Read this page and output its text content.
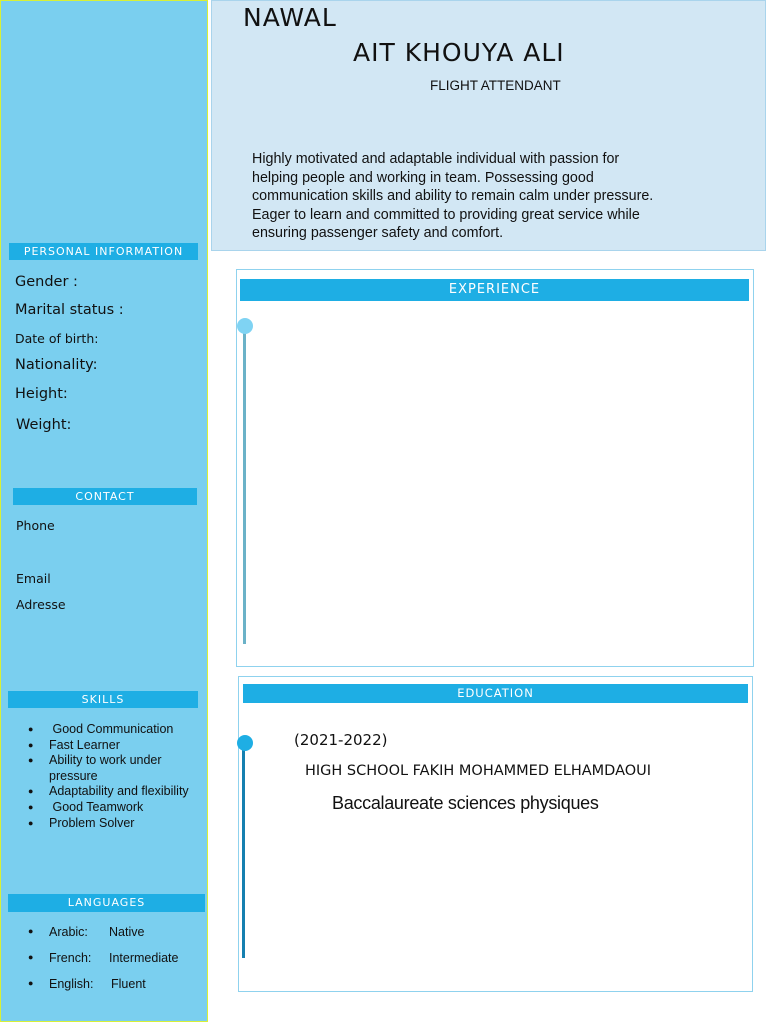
PERSONAL INFORMATION
Gender :
Marital status :
Date of birth:
Nationality:
Height:
Weight:
CONTACT
Phone
Email
Adresse
SKILLS
● Good Communication
● Fast Learner
● Ability to work under
pressure
● Adaptability and flexibility
● Good Teamwork
● Problem Solver
LANGUAGES
● Arabic: Native
● French: Intermediate
● English: Fluent
NAWAL
AIT KHOUYA ALI
FLIGHT ATTENDANT
Highly motivated and adaptable individual with passion for
helping people and working in team. Possessing good
communication skills and ability to remain calm under pressure.
Eager to learn and committed to providing great service while
ensuring passenger safety and comfort.
EXPERIENCE
EDUCATION
(2021-2022)
HIGH SCHOOL FAKIH MOHAMMED ELHAMDAOUI
Baccalaureate sciences physiques
